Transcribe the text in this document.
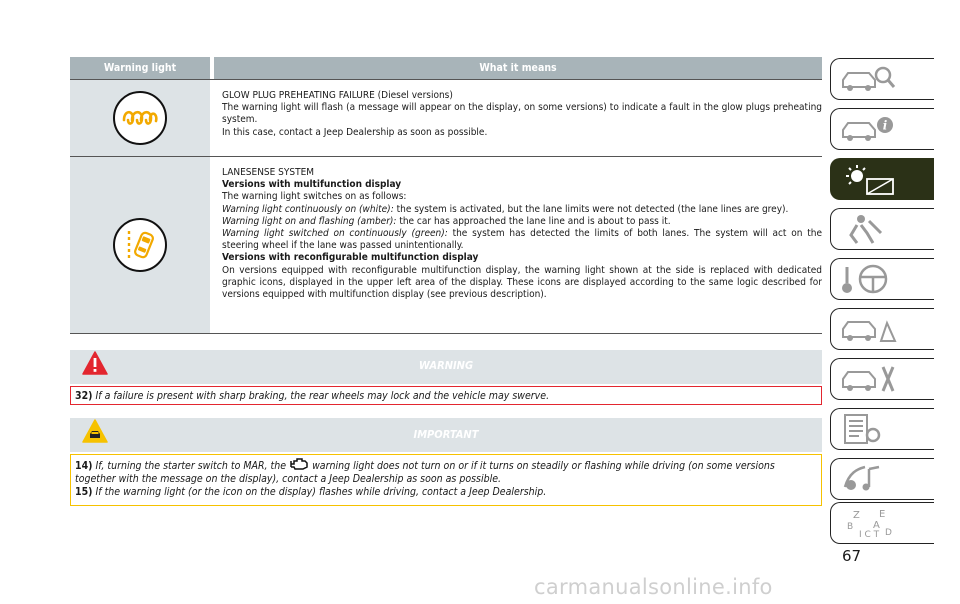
Warning light	What it means

GLOW PLUG PREHEATING FAILURE (Diesel versions)

The warning light will flash (a message will appear on the display, on some versions) to indicate a fault in the glow plugs preheating system.

In this case, contact a Jeep Dealership as soon as possible.

LANESENSE SYSTEM

Versions with multifunction display

The warning light switches on as follows:

Warning light continuously on (white): the system is activated, but the lane limits were not detected (the lane lines are grey).

Warning light on and flashing (amber): the car has approached the lane line and is about to pass it.

Warning light switched on continuously (green): the system has detected the limits of both lanes. The system will act on the steering wheel if the lane was passed unintentionally.

Versions with reconfigurable multifunction display

On versions equipped with reconfigurable multifunction display, the warning light shown at the side is replaced with dedicated graphic icons, displayed in the upper left area of the display. These icons are displayed according to the same logic described for versions equipped with multifunction display (see previous description).

WARNING
32) If a failure is present with sharp braking, the rear wheels may lock and the vehicle may swerve.
IMPORTANT
14) If, turning the starter switch to MAR, the warning light does not turn on or if it turns on steadily or flashing while driving (on some versions together with the message on the display), contact a Jeep Dealership as soon as possible.
15) If the warning light (or the icon on the display) flashes while driving, contact a Jeep Dealership.
i
Z E
B A
I C T D
67
carmanualsonline.info
